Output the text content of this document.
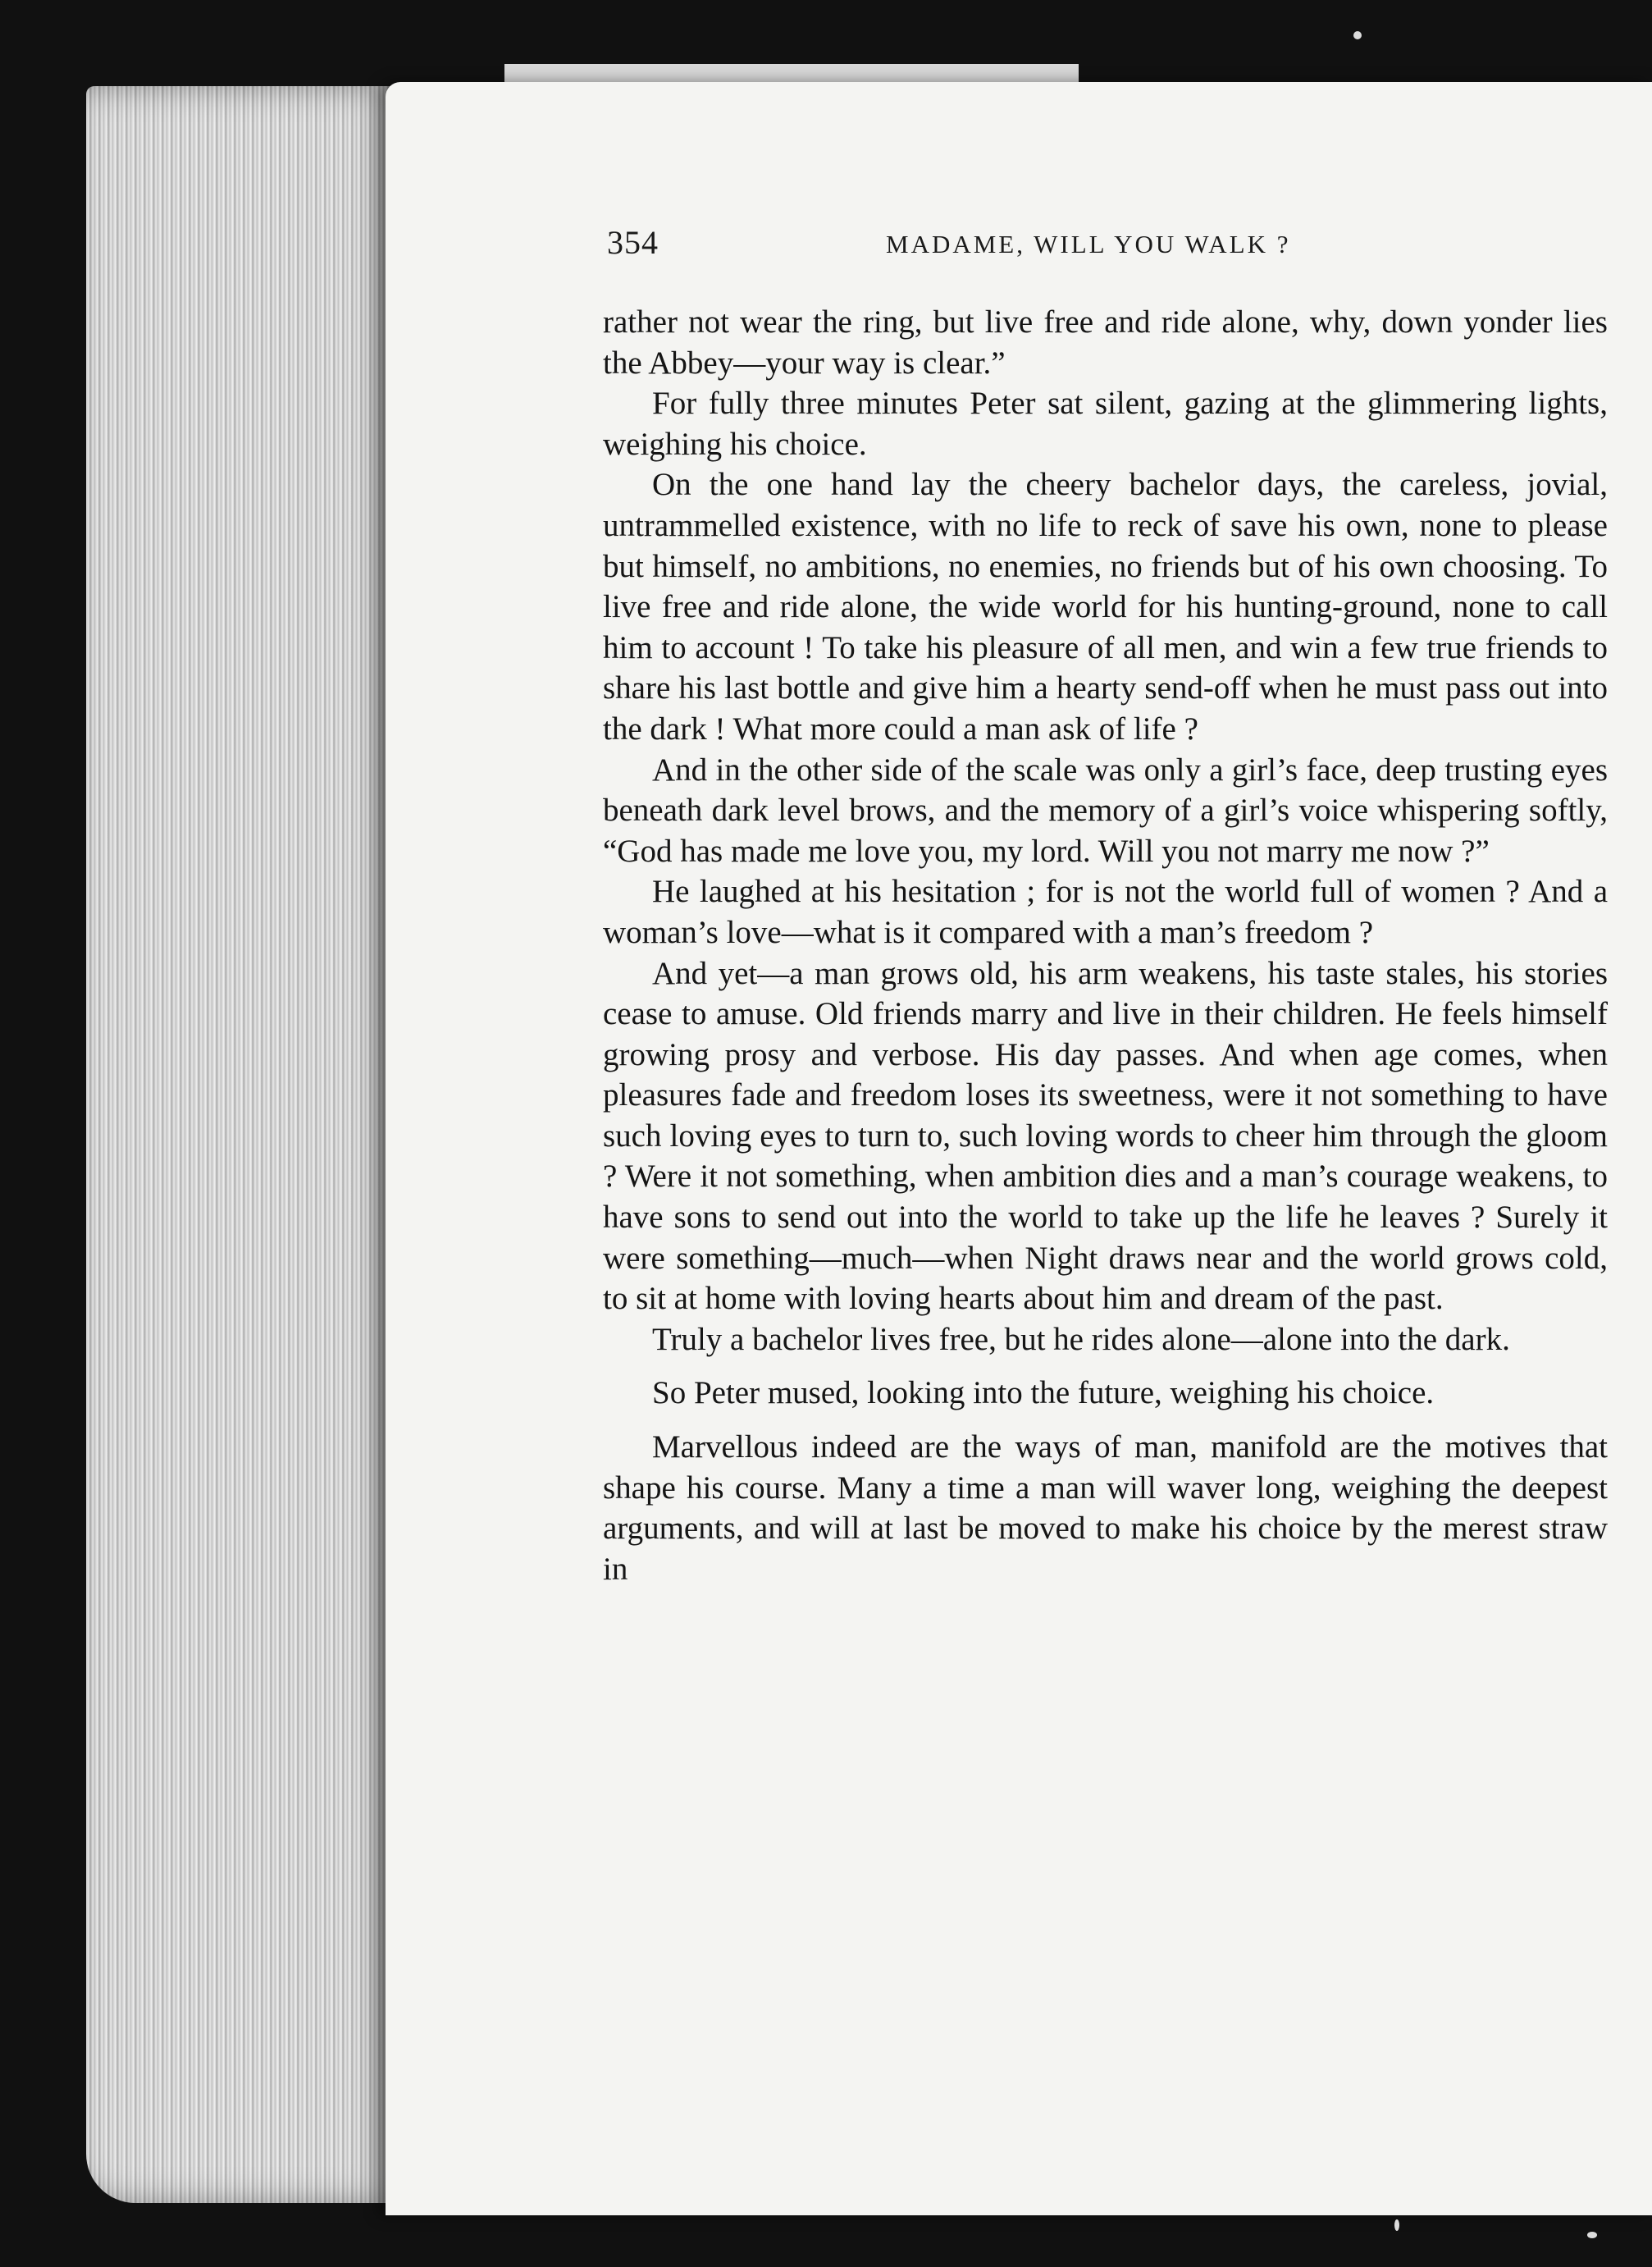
354	MADAME, WILL YOU WALK ?

rather not wear the ring, but live free and ride alone, why, down yonder lies the Abbey—your way is clear.”

For fully three minutes Peter sat silent, gazing at the glimmering lights, weighing his choice.

On the one hand lay the cheery bachelor days, the careless, jovial, untrammelled existence, with no life to reck of save his own, none to please but himself, no ambitions, no enemies, no friends but of his own choosing. To live free and ride alone, the wide world for his hunting-ground, none to call him to account ! To take his pleasure of all men, and win a few true friends to share his last bottle and give him a hearty send-off when he must pass out into the dark ! What more could a man ask of life ?

And in the other side of the scale was only a girl’s face, deep trusting eyes beneath dark level brows, and the memory of a girl’s voice whispering softly, “God has made me love you, my lord. Will you not marry me now ?”

He laughed at his hesitation ; for is not the world full of women ? And a woman’s love—what is it compared with a man’s freedom ?

And yet—a man grows old, his arm weakens, his taste stales, his stories cease to amuse. Old friends marry and live in their children. He feels himself growing prosy and verbose. His day passes. And when age comes, when pleasures fade and freedom loses its sweetness, were it not something to have such loving eyes to turn to, such loving words to cheer him through the gloom ? Were it not something, when ambition dies and a man’s courage weakens, to have sons to send out into the world to take up the life he leaves ? Surely it were something—much—when Night draws near and the world grows cold, to sit at home with loving hearts about him and dream of the past.

Truly a bachelor lives free, but he rides alone—alone into the dark.

So Peter mused, looking into the future, weighing his choice.

Marvellous indeed are the ways of man, manifold are the motives that shape his course. Many a time a man will waver long, weighing the deepest arguments, and will at last be moved to make his choice by the merest straw in
